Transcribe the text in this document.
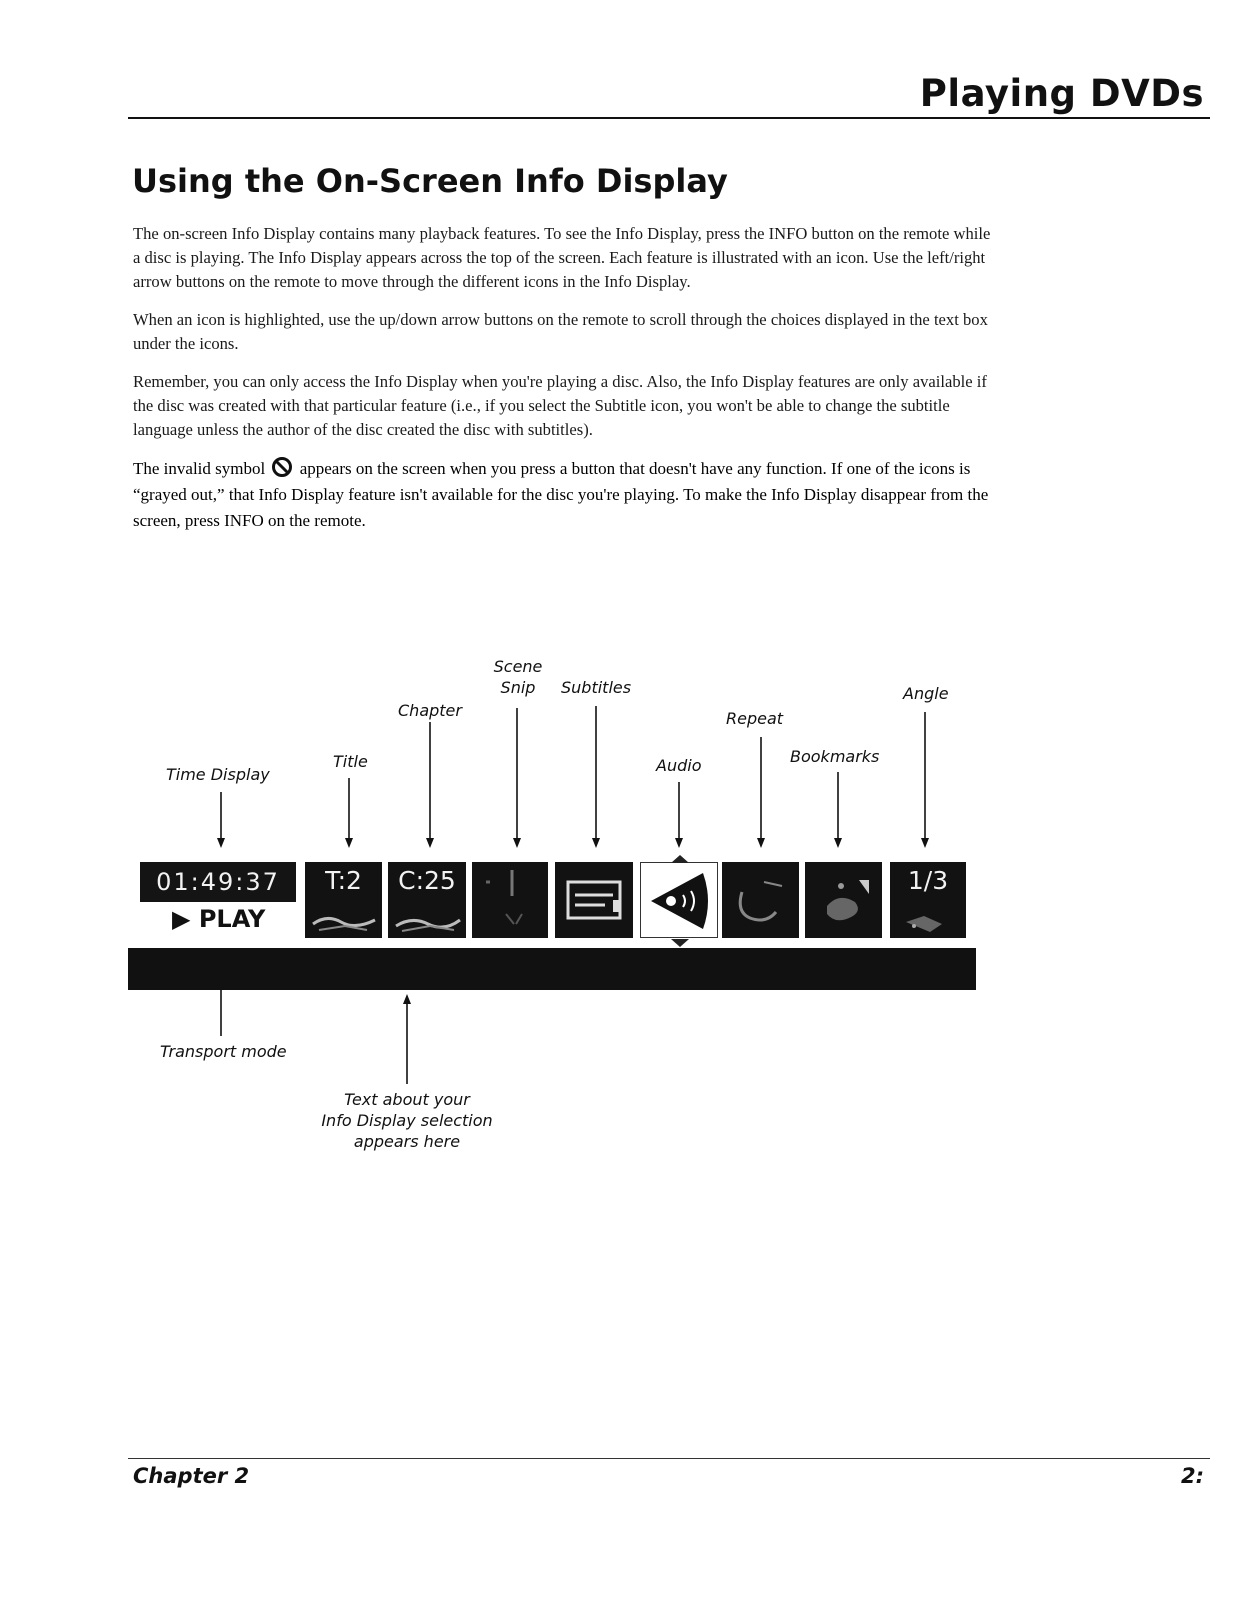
Playing DVDs
Using the On-Screen Info Display

The on-screen Info Display contains many playback features. To see the Info Display, press the INFO button on the remote while a disc is playing. The Info Display appears across the top of the screen. Each feature is illustrated with an icon. Use the left/right arrow buttons on the remote to move through the different icons in the Info Display.

When an icon is highlighted, use the up/down arrow buttons on the remote to scroll through the choices displayed in the text box under the icons.

Remember, you can only access the Info Display when you're playing a disc. Also, the Info Display features are only available if the disc was created with that particular feature (i.e., if you select the Subtitle icon, you won't be able to change the subtitle language unless the author of the disc created the disc with subtitles).

The invalid symbol appears on the screen when you press a button that doesn't have any function. If one of the icons is “grayed out,” that Info Display feature isn't available for the disc you're playing. To make the Info Display disappear from the screen, press INFO on the remote.

Scene
Snip	Subtitles	Angle
Chapter	Repeat
Bookmarks
Title	Audio
Time Display
Transport mode
Text about your
Info Display selection
appears here
01:49:37
▶ PLAY
T:2	C:25	1/3
Chapter 2	2:
